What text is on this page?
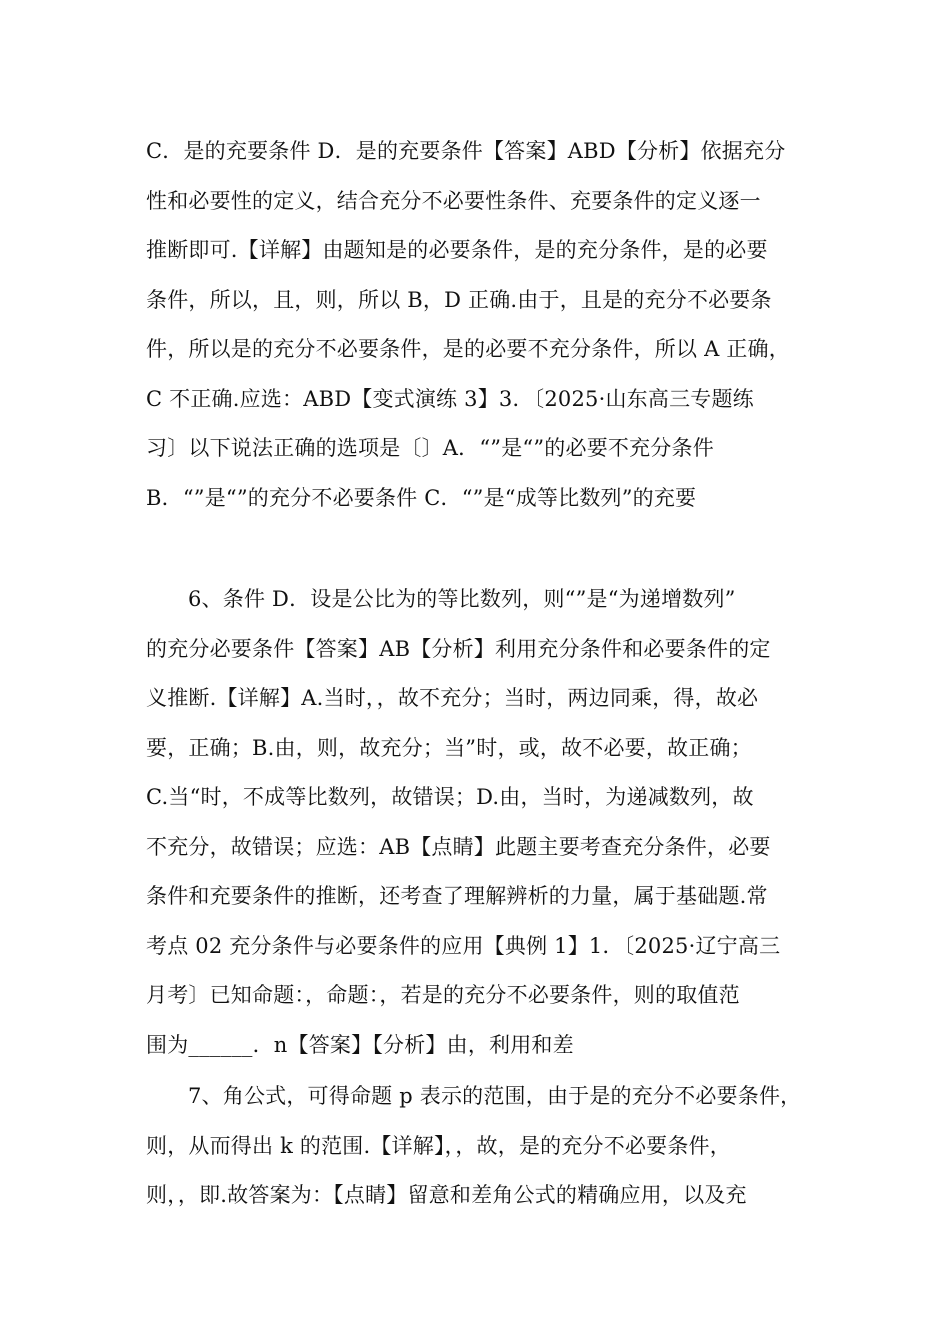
C．是的充要条件 D．是的充要条件【答案】ABD【分析】依据充分
性和必要性的定义，结合充分不必要性条件、充要条件的定义逐一
推断即可.【详解】由题知是的必要条件，是的充分条件，是的必要
条件，所以，且，则，所以 B，D 正确.由于，且是的充分不必要条
件，所以是的充分不必要条件，是的必要不充分条件，所以 A 正确，
C 不正确.应选：ABD【变式演练 3】3．〔2025·山东高三专题练
习〕以下说法正确的选项是〔〕A．“”是“”的必要不充分条件
B．“”是“”的充分不必要条件 C．“”是“成等比数列”的充要
6、条件 D．设是公比为的等比数列，则“”是“为递增数列”
的充分必要条件【答案】AB【分析】利用充分条件和必要条件的定
义推断.【详解】A.当时，，故不充分；当时，两边同乘，得，故必
要，正确；B.由，则，故充分；当”时，或，故不必要，故正确；
C.当“时，不成等比数列，故错误；D.由，当时，为递减数列，故
不充分，故错误；应选：AB【点睛】此题主要考查充分条件，必要
条件和充要条件的推断，还考查了理解辨析的力量，属于基础题.常
考点 02 充分条件与必要条件的应用【典例 1】1．〔2025·辽宁高三
月考〕已知命题：，命题：，若是的充分不必要条件，则的取值范
围为______．n【答案】【分析】由，利用和差
7、角公式，可得命题 p 表示的范围，由于是的充分不必要条件，
则，从而得出 k 的范围.【详解】，，故，是的充分不必要条件，
则，，即.故答案为：【点睛】留意和差角公式的精确应用，以及充
